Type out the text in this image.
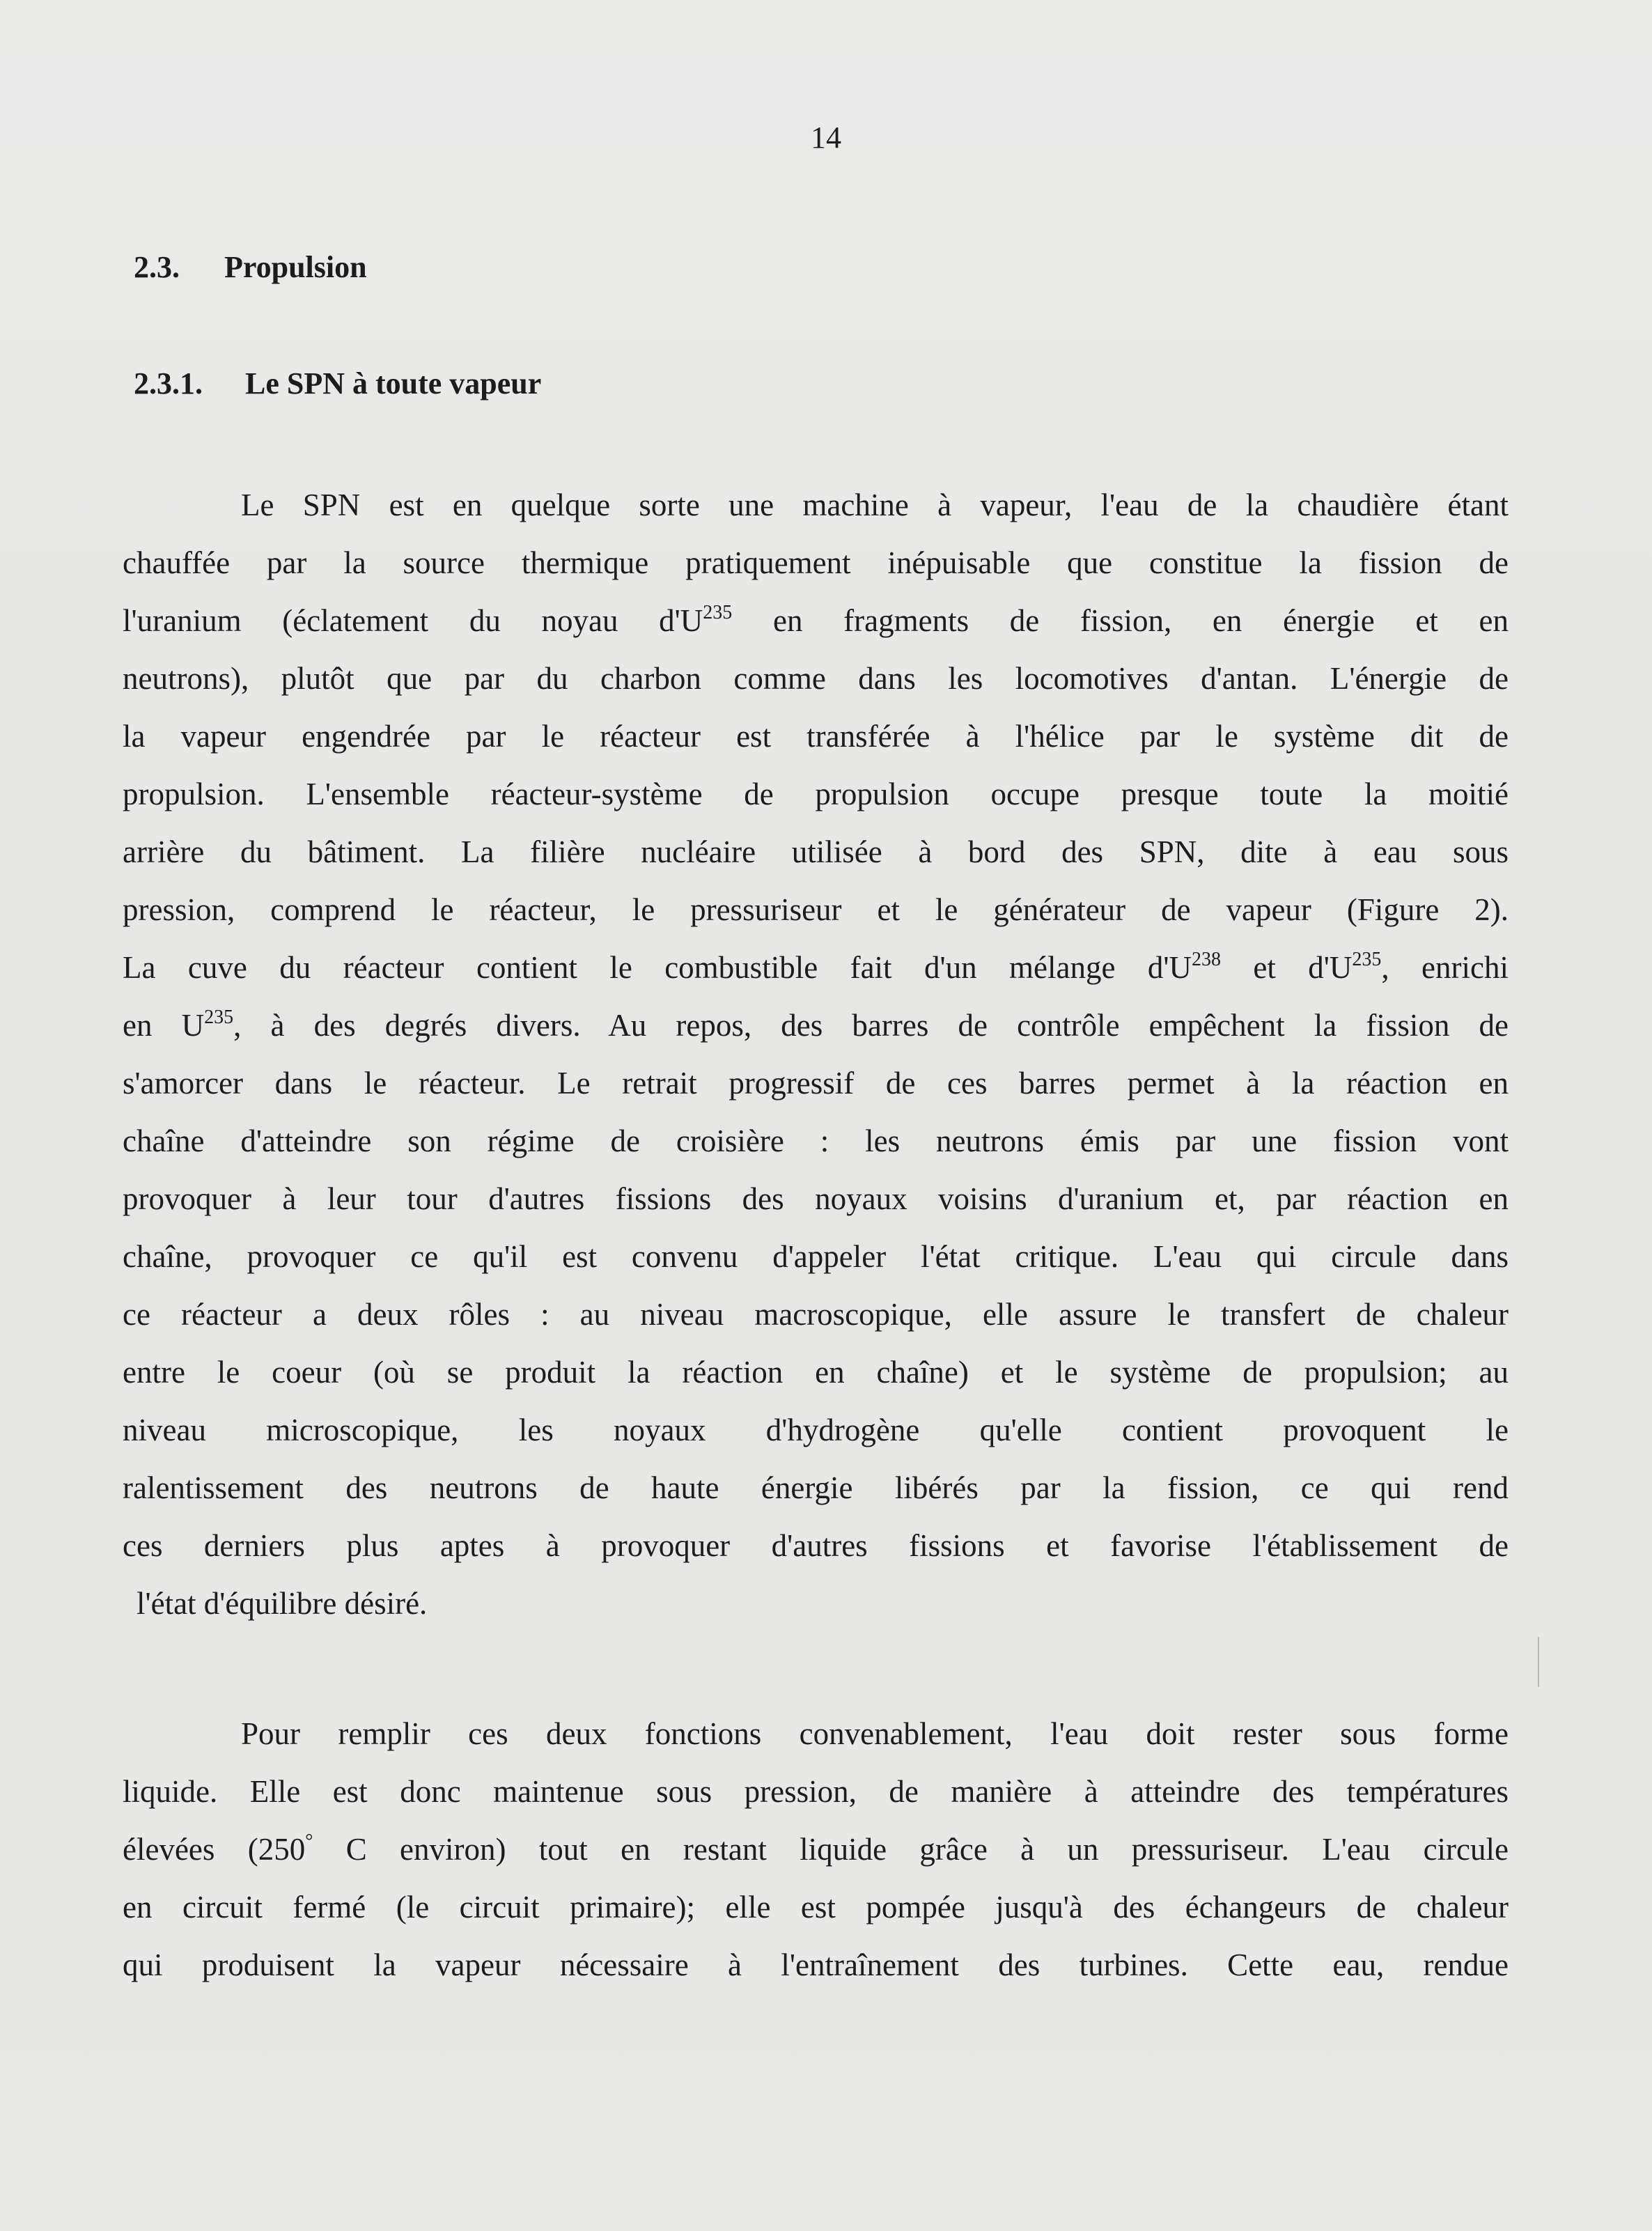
14
2.3. Propulsion
2.3.1. Le SPN à toute vapeur
Le SPN est en quelque sorte une machine à vapeur, l'eau de la chaudière étant
chauffée par la source thermique pratiquement inépuisable que constitue la fission de
l'uranium (éclatement du noyau $d'U^{235}$ en fragments de fission, en énergie et en
neutrons), plutôt que par du charbon comme dans les locomotives d'antan. L'énergie de
la vapeur engendrée par le réacteur est transférée à l'hélice par le système dit de
propulsion. L'ensemble réacteur-système de propulsion occupe presque toute la moitié
arrière du bâtiment. La filière nucléaire utilisée à bord des SPN, dite à eau sous
pression, comprend le réacteur, le pressuriseur et le générateur de vapeur (Figure 2).
La cuve du réacteur contient le combustible fait d'un mélange $d'U^{238}$ et $d'U^{235}$, enrichi
en $U^{235}$, à des degrés divers. Au repos, des barres de contrôle empêchent la fission de
s'amorcer dans le réacteur. Le retrait progressif de ces barres permet à la réaction en
chaîne d'atteindre son régime de croisière : les neutrons émis par une fission vont
provoquer à leur tour d'autres fissions des noyaux voisins d'uranium et, par réaction en
chaîne, provoquer ce qu'il est convenu d'appeler l'état critique. L'eau qui circule dans
ce réacteur a deux rôles : au niveau macroscopique, elle assure le transfert de chaleur
entre le coeur (où se produit la réaction en chaîne) et le système de propulsion; au
niveau microscopique, les noyaux d'hydrogène qu'elle contient provoquent le
ralentissement des neutrons de haute énergie libérés par la fission, ce qui rend
ces derniers plus aptes à provoquer d'autres fissions et favorise l'établissement de
l'état d'équilibre désiré.
Pour remplir ces deux fonctions convenablement, l'eau doit rester sous forme
liquide. Elle est donc maintenue sous pression, de manière à atteindre des températures
élevées (250° C environ) tout en restant liquide grâce à un pressuriseur. L'eau circule
en circuit fermé (le circuit primaire); elle est pompée jusqu'à des échangeurs de chaleur
qui produisent la vapeur nécessaire à l'entraînement des turbines. Cette eau, rendue
